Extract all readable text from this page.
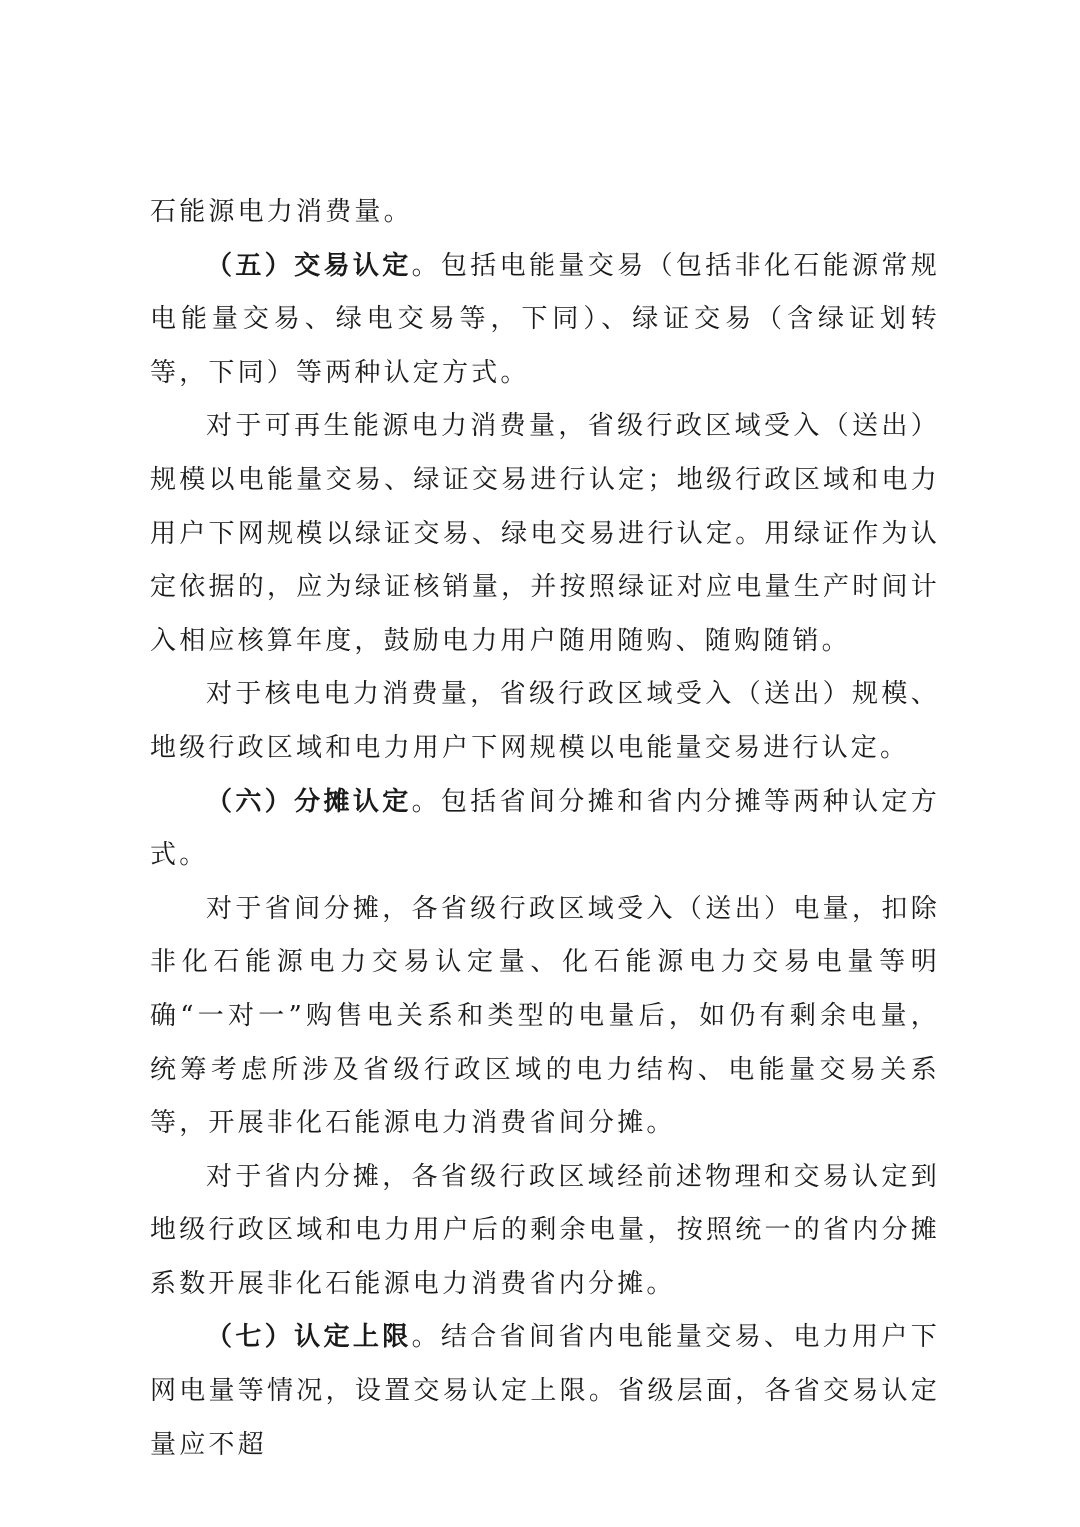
石能源电力消费量。

（五）交易认定。包括电能量交易（包括非化石能源常规电能量交易、绿电交易等，下同）、绿证交易（含绿证划转等，下同）等两种认定方式。

对于可再生能源电力消费量，省级行政区域受入（送出）规模以电能量交易、绿证交易进行认定；地级行政区域和电力用户下网规模以绿证交易、绿电交易进行认定。用绿证作为认定依据的，应为绿证核销量，并按照绿证对应电量生产时间计入相应核算年度，鼓励电力用户随用随购、随购随销。

对于核电电力消费量，省级行政区域受入（送出）规模、地级行政区域和电力用户下网规模以电能量交易进行认定。

（六）分摊认定。包括省间分摊和省内分摊等两种认定方式。

对于省间分摊，各省级行政区域受入（送出）电量，扣除非化石能源电力交易认定量、化石能源电力交易电量等明确“一对一”购售电关系和类型的电量后，如仍有剩余电量，统筹考虑所涉及省级行政区域的电力结构、电能量交易关系等，开展非化石能源电力消费省间分摊。

对于省内分摊，各省级行政区域经前述物理和交易认定到地级行政区域和电力用户后的剩余电量，按照统一的省内分摊系数开展非化石能源电力消费省内分摊。

（七）认定上限。结合省间省内电能量交易、电力用户下网电量等情况，设置交易认定上限。省级层面，各省交易认定量应不超
